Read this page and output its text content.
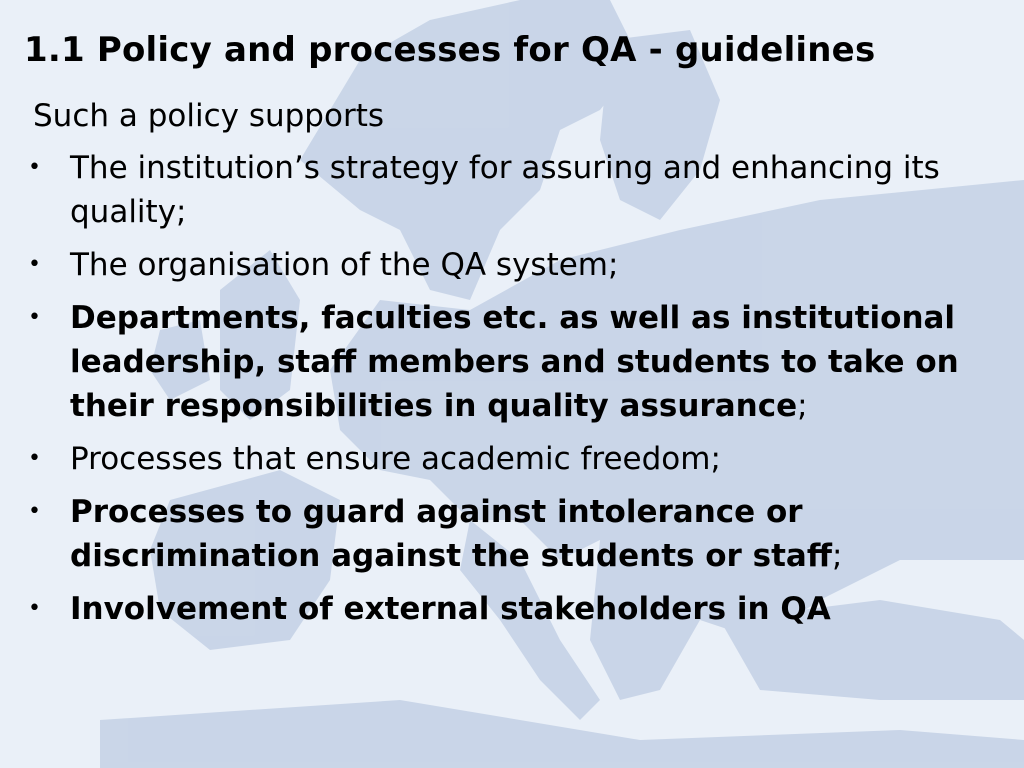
1.1 Policy and processes for QA - guidelines

Such a policy supports

• The institution’s strategy for assuring and enhancing its quality;
• The organisation of the QA system;
• Departments, faculties etc. as well as institutional leadership, staff members and students to take on their responsibilities in quality assurance;
• Processes that ensure academic freedom;
• Processes to guard against intolerance or discrimination against the students or staff;
• Involvement of external stakeholders in QA
